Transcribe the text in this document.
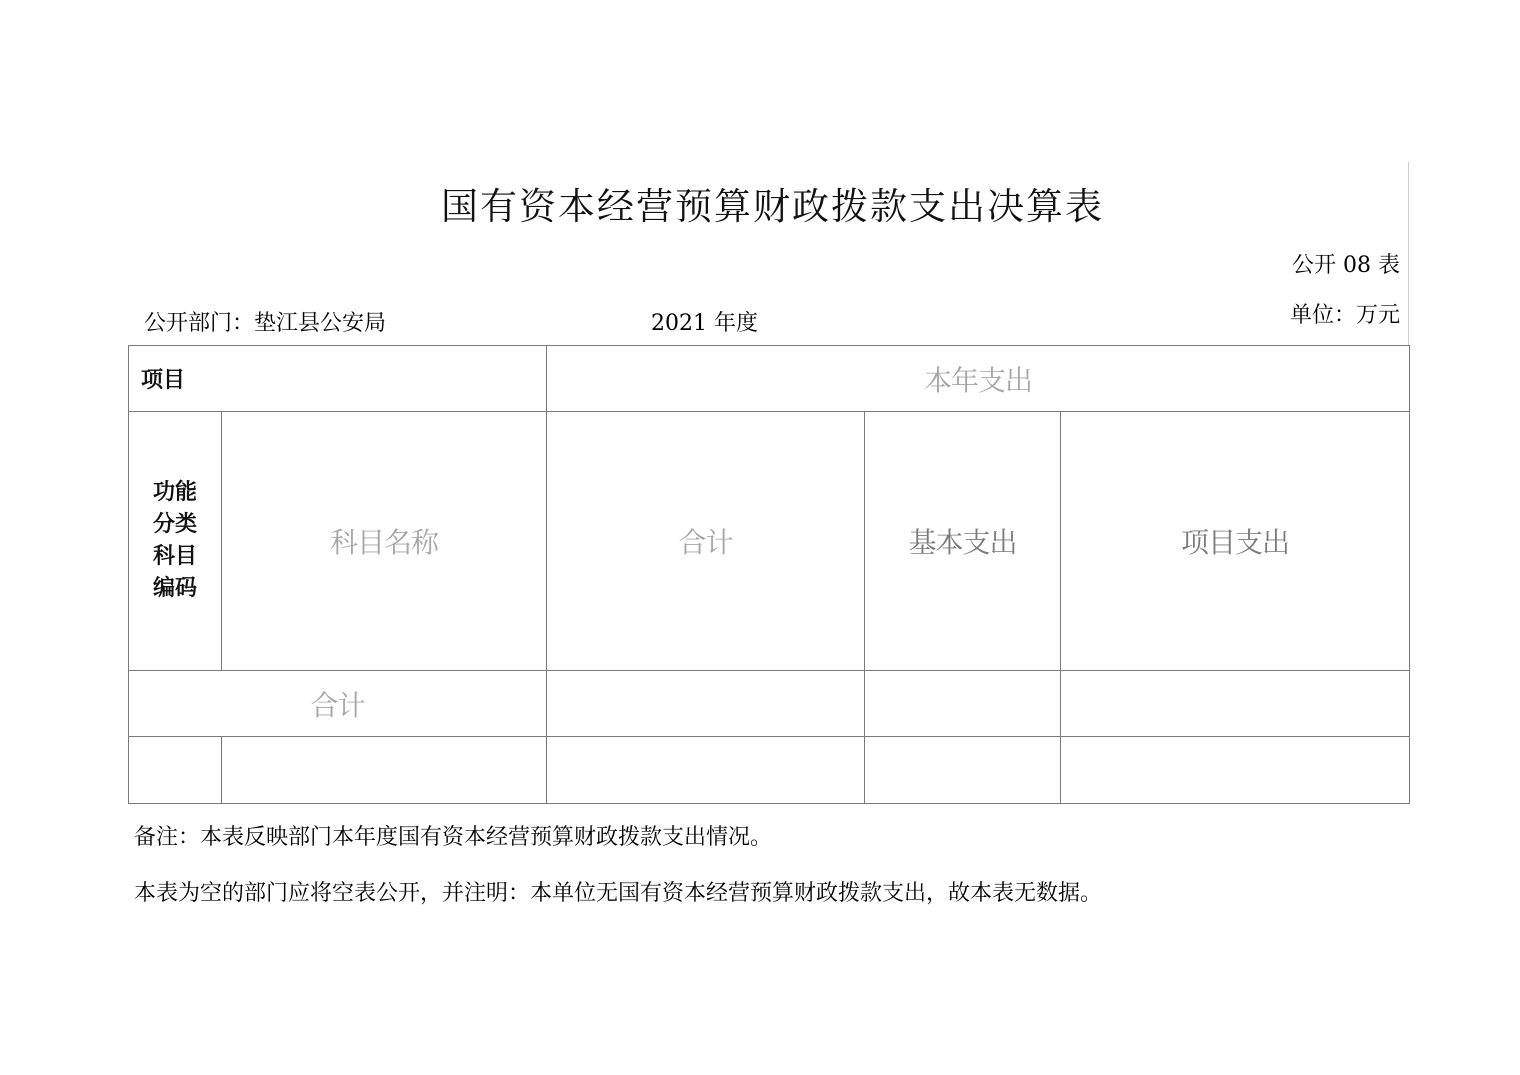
国有资本经营预算财政拨款支出决算表
公开 08 表
公开部门：垫江县公安局	2021 年度	单位：万元
项目		本年支出		

功能
分类
科目
编码	科目名称	合计	基本支出	项目支出
合计				

备注：本表反映部门本年度国有资本经营预算财政拨款支出情况。
本表为空的部门应将空表公开，并注明：本单位无国有资本经营预算财政拨款支出，故本表无数据。
